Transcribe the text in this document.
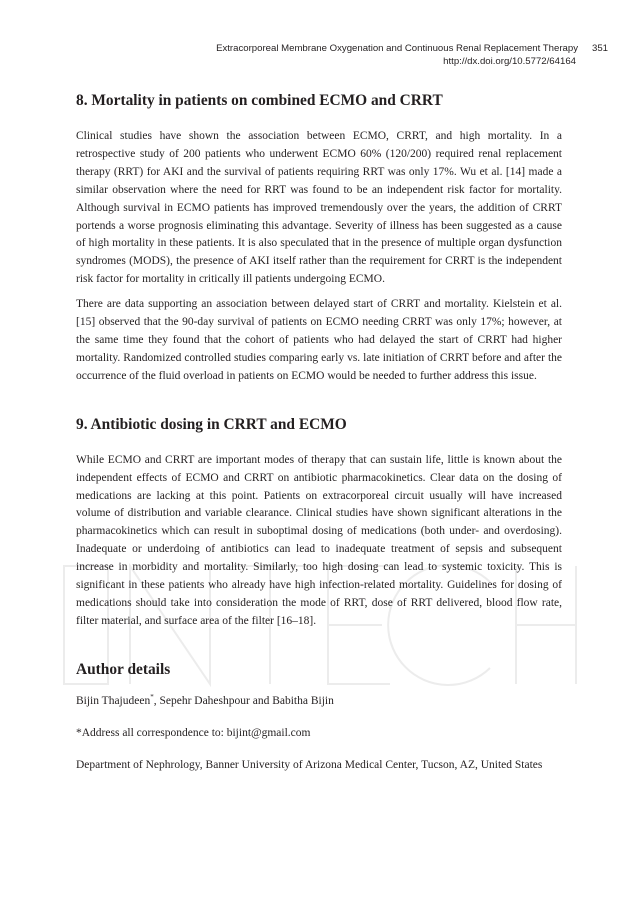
Extracorporeal Membrane Oxygenation and Continuous Renal Replacement Therapy	351
http://dx.doi.org/10.5772/64164
8. Mortality in patients on combined ECMO and CRRT

Clinical studies have shown the association between ECMO, CRRT, and high mortality. In a retrospective study of 200 patients who underwent ECMO 60% (120/200) required renal replacement therapy (RRT) for AKI and the survival of patients requiring RRT was only 17%. Wu et al. [14] made a similar observation where the need for RRT was found to be an independent risk factor for mortality. Although survival in ECMO patients has improved tremendously over the years, the addition of CRRT portends a worse prognosis eliminating this advantage. Severity of illness has been suggested as a cause of high mortality in these patients. It is also speculated that in the presence of multiple organ dysfunction syndromes (MODS), the presence of AKI itself rather than the requirement for CRRT is the independent risk factor for mortality in critically ill patients undergoing ECMO.

There are data supporting an association between delayed start of CRRT and mortality. Kielstein et al. [15] observed that the 90-day survival of patients on ECMO needing CRRT was only 17%; however, at the same time they found that the cohort of patients who had delayed the start of CRRT had higher mortality. Randomized controlled studies comparing early vs. late initiation of CRRT before and after the occurrence of the fluid overload in patients on ECMO would be needed to further address this issue.

9. Antibiotic dosing in CRRT and ECMO

While ECMO and CRRT are important modes of therapy that can sustain life, little is known about the independent effects of ECMO and CRRT on antibiotic pharmacokinetics. Clear data on the dosing of medications are lacking at this point. Patients on extracorporeal circuit usually will have increased volume of distribution and variable clearance. Clinical studies have shown significant alterations in the pharmacokinetics which can result in suboptimal dosing of medications (both under- and overdosing). Inadequate or underdoing of antibiotics can lead to inadequate treatment of sepsis and subsequent increase in morbidity and mortality. Similarly, too high dosing can lead to systemic toxicity. This is significant in these patients who already have high infection-related mortality. Guidelines for dosing of medications should take into consideration the mode of RRT, dose of RRT delivered, blood flow rate, filter material, and surface area of the filter [16–18].

Author details

Bijin Thajudeen*, Sepehr Daheshpour and Babitha Bijin

*Address all correspondence to: bijint@gmail.com

Department of Nephrology, Banner University of Arizona Medical Center, Tucson, AZ, United States
